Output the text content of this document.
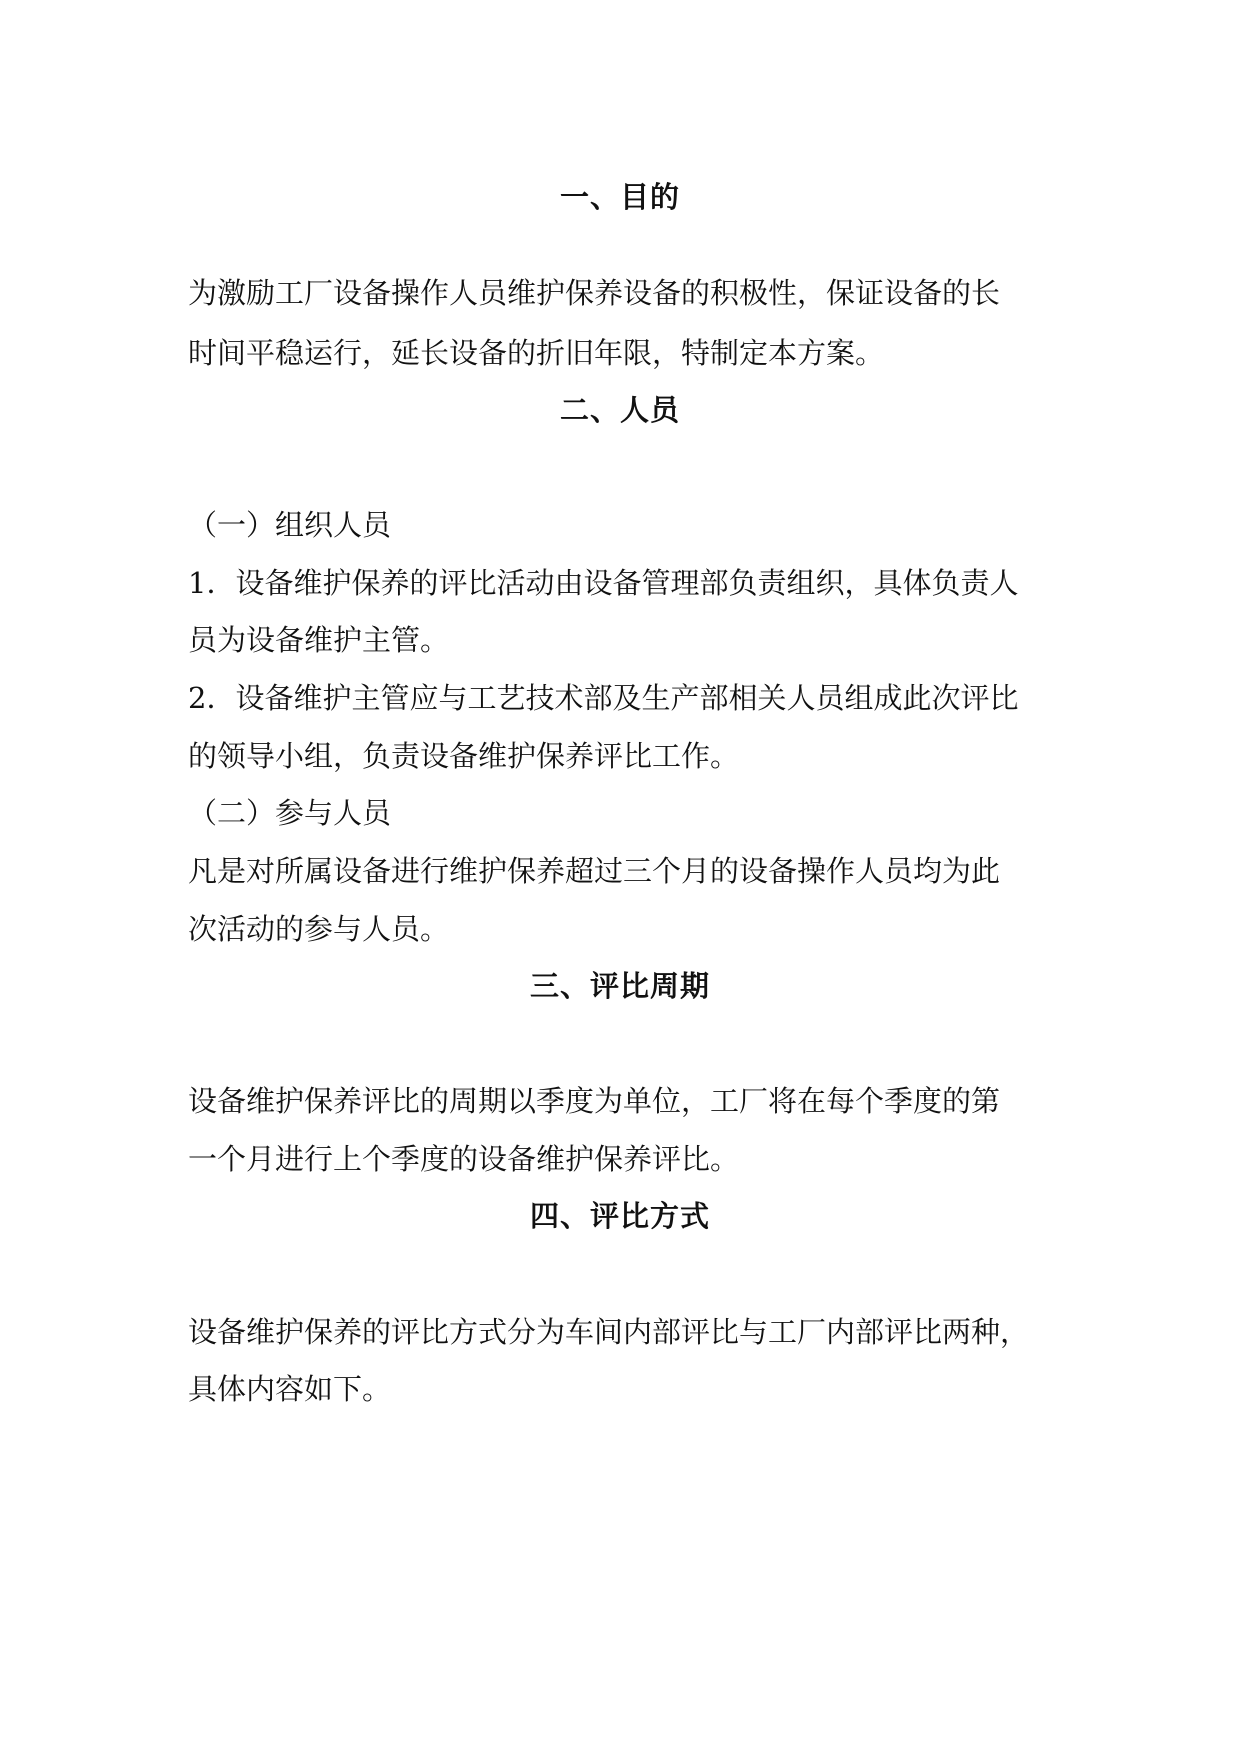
一、目的
为激励工厂设备操作人员维护保养设备的积极性，保证设备的长
时间平稳运行，延长设备的折旧年限，特制定本方案。
二、人员
（一）组织人员
1．设备维护保养的评比活动由设备管理部负责组织，具体负责人
员为设备维护主管。
2．设备维护主管应与工艺技术部及生产部相关人员组成此次评比
的领导小组，负责设备维护保养评比工作。
（二）参与人员
凡是对所属设备进行维护保养超过三个月的设备操作人员均为此
次活动的参与人员。
三、评比周期
设备维护保养评比的周期以季度为单位，工厂将在每个季度的第
一个月进行上个季度的设备维护保养评比。
四、评比方式
设备维护保养的评比方式分为车间内部评比与工厂内部评比两种，
具体内容如下。
